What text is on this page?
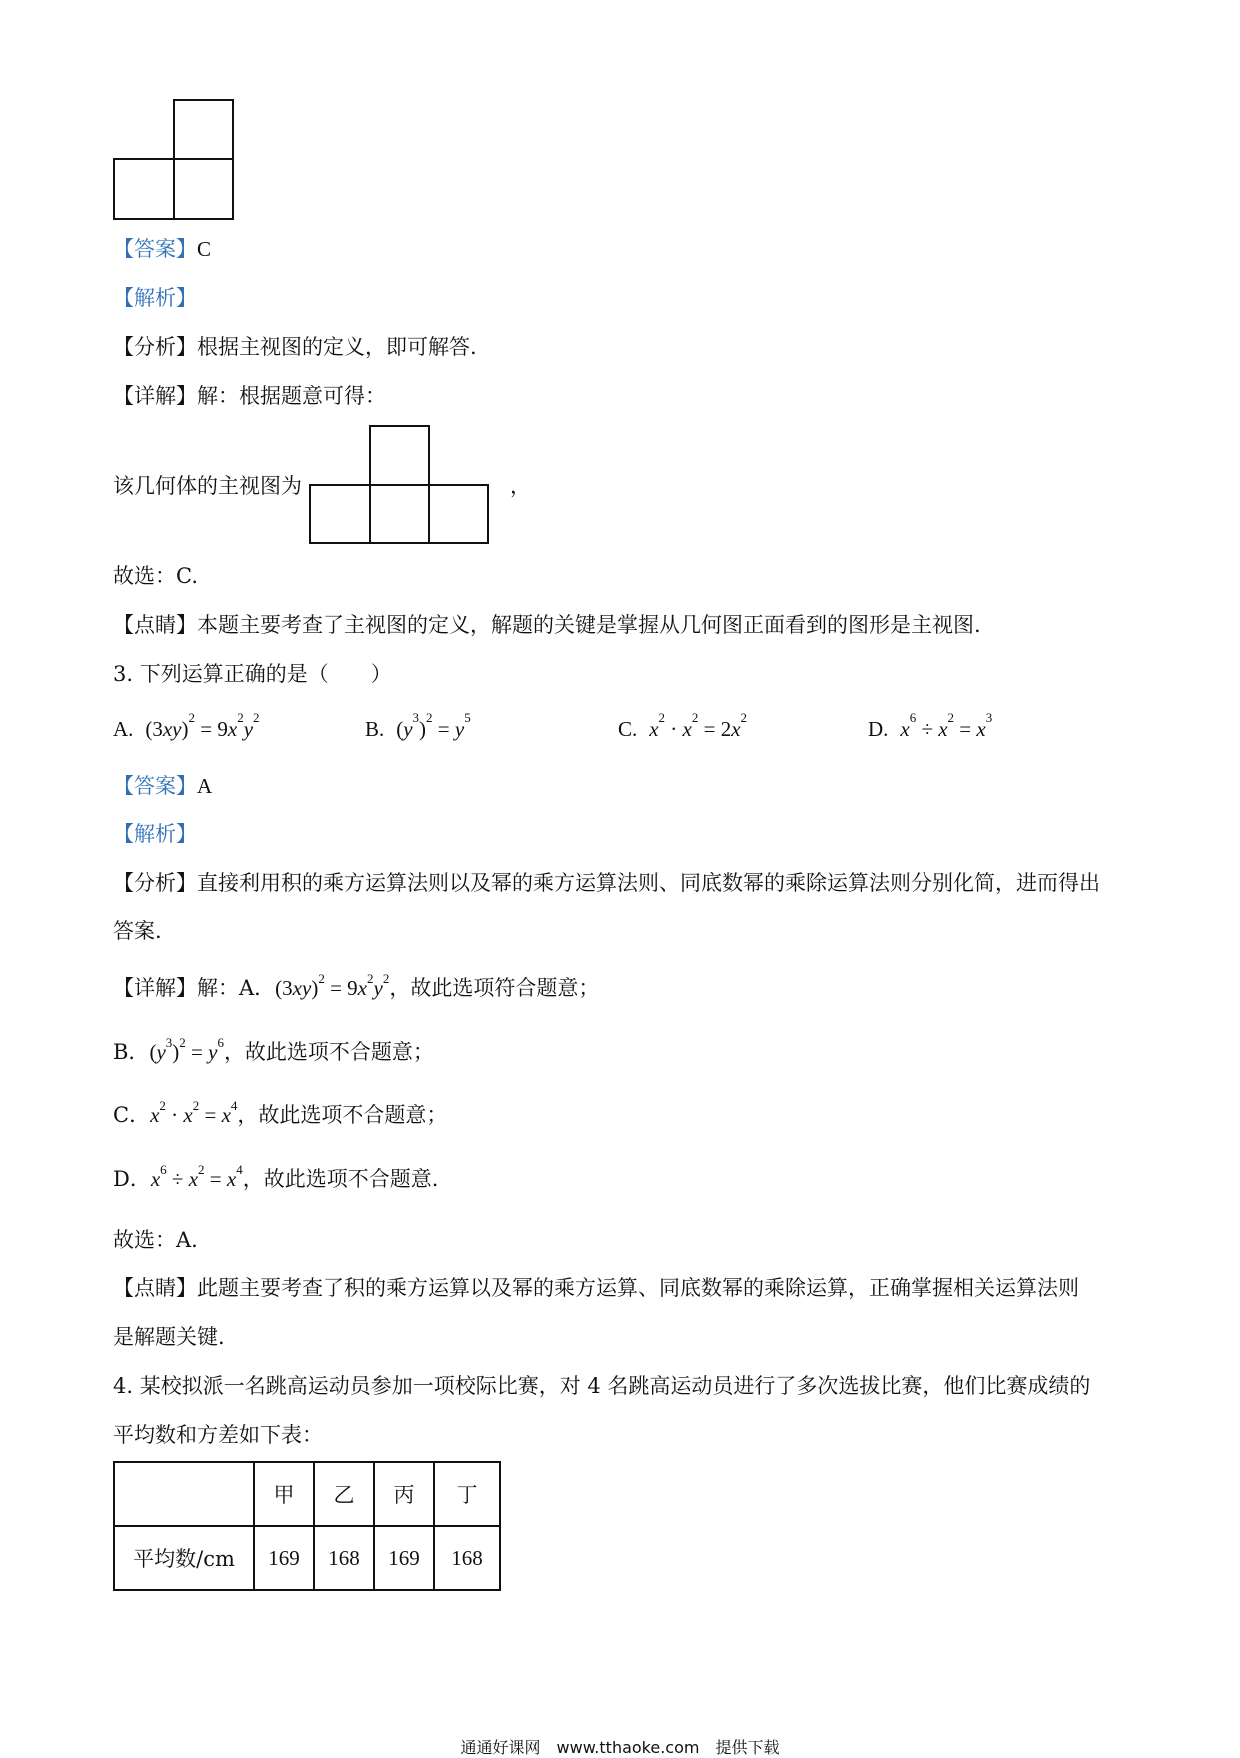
【答案】C
【解析】
【分析】根据主视图的定义，即可解答.
【详解】解：根据题意可得：
该几何体的主视图为	，
故选：C.
【点睛】本题主要考查了主视图的定义，解题的关键是掌握从几何图正面看到的图形是主视图.
3. 下列运算正确的是（　　）
A. $(3xy)^2 = 9x^2y^2$	B. $(y^3)^2 = y^5$	C.  $x^2 \cdot x^2 = 2x^2$	D.  $x^6 \div x^2 = x^3$
【答案】A
【解析】
【分析】直接利用积的乘方运算法则以及幂的乘方运算法则、同底数幂的乘除运算法则分别化简，进而得出
答案.
【详解】解：A．$(3xy)^2 = 9x^2y^2$，故此选项符合题意；
B．$(y^3)^2 = y^6$，故此选项不合题意；
C．$x^2 \cdot x^2 = x^4$，故此选项不合题意；
D．$x^6 \div x^2 = x^4$，故此选项不合题意.
故选：A.
【点睛】此题主要考查了积的乘方运算以及幂的乘方运算、同底数幂的乘除运算，正确掌握相关运算法则
是解题关键.
4. 某校拟派一名跳高运动员参加一项校际比赛，对 4 名跳高运动员进行了多次选拔比赛，他们比赛成绩的
平均数和方差如下表：
	甲	乙	丙	丁
平均数/cm	169	168	169	168
通通好课网　www.tthaoke.com　提供下载
